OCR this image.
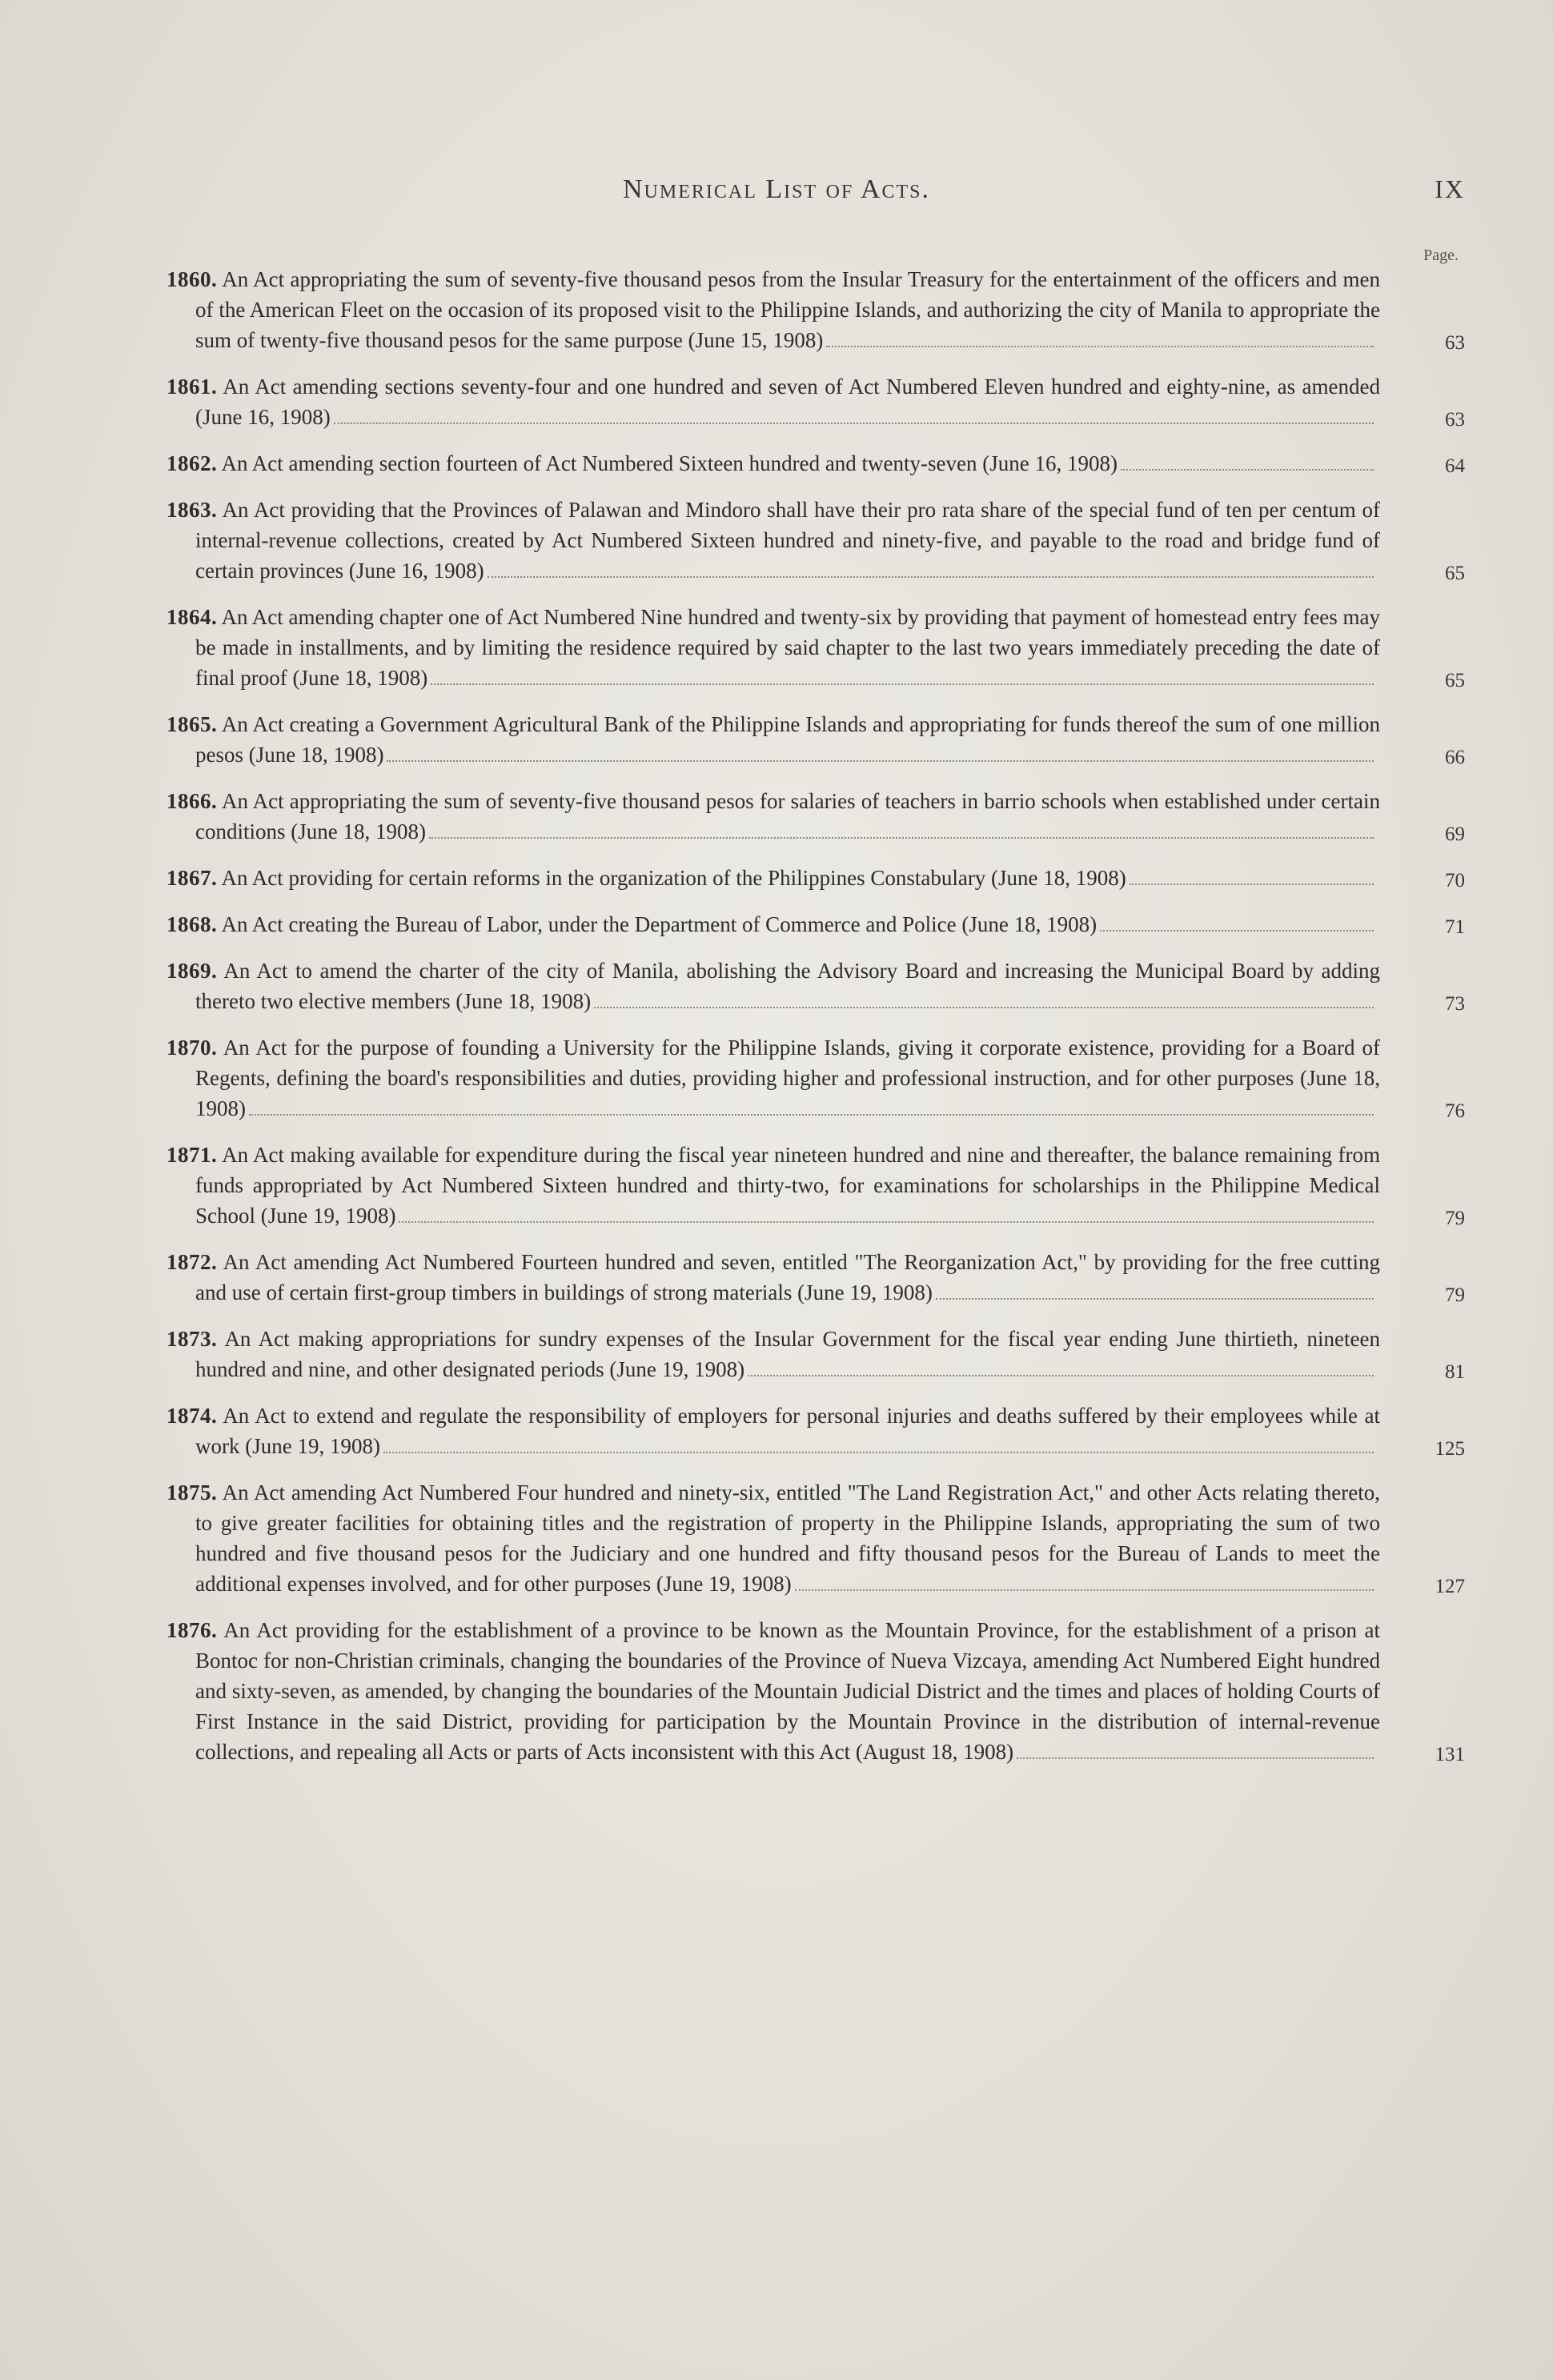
Numerical List of Acts.	IX
Page.
1860. An Act appropriating the sum of seventy-five thousand pesos from the Insular Treasury for the entertainment of the officers and men of the American Fleet on the occasion of its proposed visit to the Philippine Islands, and authorizing the city of Manila to appropriate the sum of twenty-five thousand pesos for the same purpose (June 15, 1908)	63
1861. An Act amending sections seventy-four and one hundred and seven of Act Numbered Eleven hundred and eighty-nine, as amended (June 16, 1908)	63
1862. An Act amending section fourteen of Act Numbered Sixteen hundred and twenty-seven (June 16, 1908)	64
1863. An Act providing that the Provinces of Palawan and Mindoro shall have their pro rata share of the special fund of ten per centum of internal-revenue collections, created by Act Numbered Sixteen hundred and ninety-five, and payable to the road and bridge fund of certain provinces (June 16, 1908)	65
1864. An Act amending chapter one of Act Numbered Nine hundred and twenty-six by providing that payment of homestead entry fees may be made in installments, and by limiting the residence required by said chapter to the last two years immediately preceding the date of final proof (June 18, 1908)	65
1865. An Act creating a Government Agricultural Bank of the Philippine Islands and appropriating for funds thereof the sum of one million pesos (June 18, 1908)	66
1866. An Act appropriating the sum of seventy-five thousand pesos for salaries of teachers in barrio schools when established under certain conditions (June 18, 1908)	69
1867. An Act providing for certain reforms in the organization of the Philippines Constabulary (June 18, 1908)	70
1868. An Act creating the Bureau of Labor, under the Department of Commerce and Police (June 18, 1908)	71
1869. An Act to amend the charter of the city of Manila, abolishing the Advisory Board and increasing the Municipal Board by adding thereto two elective members (June 18, 1908)	73
1870. An Act for the purpose of founding a University for the Philippine Islands, giving it corporate existence, providing for a Board of Regents, defining the board's responsibilities and duties, providing higher and professional instruction, and for other purposes (June 18, 1908)	76
1871. An Act making available for expenditure during the fiscal year nineteen hundred and nine and thereafter, the balance remaining from funds appropriated by Act Numbered Sixteen hundred and thirty-two, for examinations for scholarships in the Philippine Medical School (June 19, 1908)	79
1872. An Act amending Act Numbered Fourteen hundred and seven, entitled "The Reorganization Act," by providing for the free cutting and use of certain first-group timbers in buildings of strong materials (June 19, 1908)	79
1873. An Act making appropriations for sundry expenses of the Insular Government for the fiscal year ending June thirtieth, nineteen hundred and nine, and other designated periods (June 19, 1908)	81
1874. An Act to extend and regulate the responsibility of employers for personal injuries and deaths suffered by their employees while at work (June 19, 1908)	125
1875. An Act amending Act Numbered Four hundred and ninety-six, entitled "The Land Registration Act," and other Acts relating thereto, to give greater facilities for obtaining titles and the registration of property in the Philippine Islands, appropriating the sum of two hundred and five thousand pesos for the Judiciary and one hundred and fifty thousand pesos for the Bureau of Lands to meet the additional expenses involved, and for other purposes (June 19, 1908)	127
1876. An Act providing for the establishment of a province to be known as the Mountain Province, for the establishment of a prison at Bontoc for non-Christian criminals, changing the boundaries of the Province of Nueva Vizcaya, amending Act Numbered Eight hundred and sixty-seven, as amended, by changing the boundaries of the Mountain Judicial District and the times and places of holding Courts of First Instance in the said District, providing for participation by the Mountain Province in the distribution of internal-revenue collections, and repealing all Acts or parts of Acts inconsistent with this Act (August 18, 1908)	131
